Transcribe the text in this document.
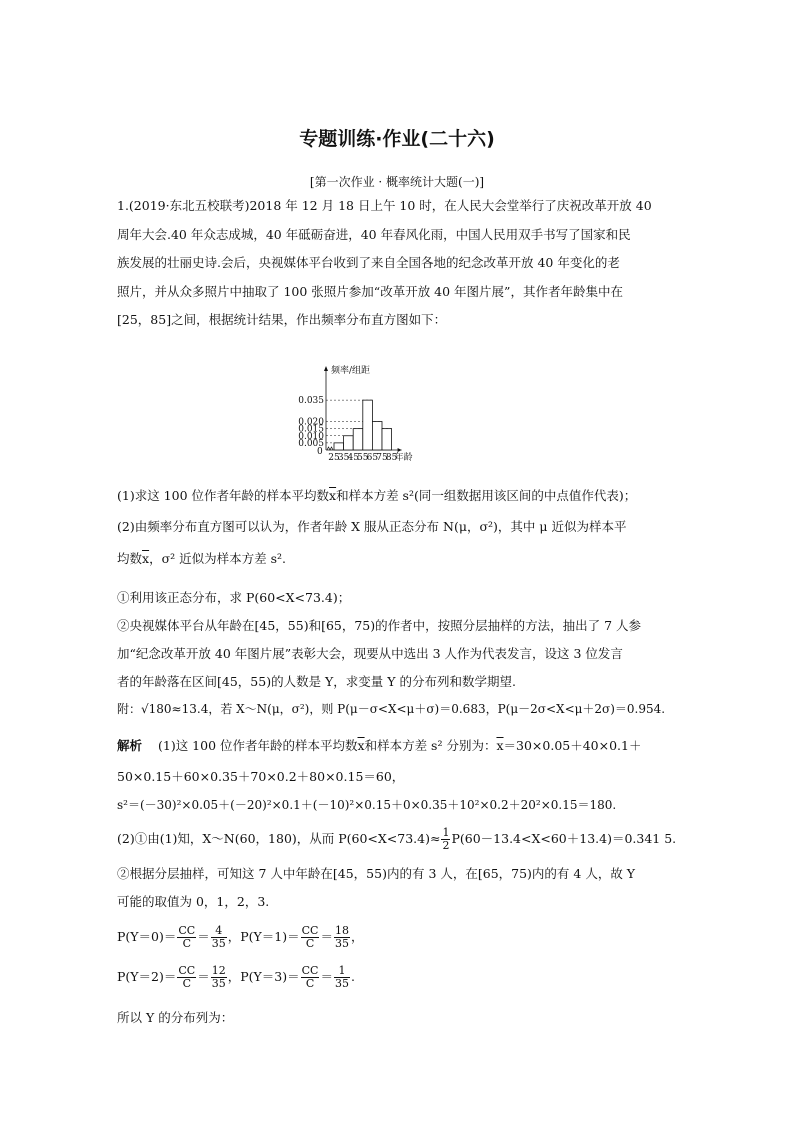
专题训练·作业(二十六)
[第一次作业 · 概率统计大题(一)]
1.(2019·东北五校联考)2018 年 12 月 18 日上午 10 时，在人民大会堂举行了庆祝改革开放 40
周年大会.40 年众志成城，40 年砥砺奋进，40 年春风化雨，中国人民用双手书写了国家和民
族发展的壮丽史诗.会后，央视媒体平台收到了来自全国各地的纪念改革开放 40 年变化的老
照片，并从众多照片中抽取了 100 张照片参加“改革开放 40 年图片展”，其作者年龄集中在
[25，85]之间，根据统计结果，作出频率分布直方图如下：
频率/组距
0
0.035
0.020
0.015
0.010
0.005
25
35
45
55
65
75
85
年龄
(1)求这 100 位作者年龄的样本平均数$\overline{x}$和样本方差 s²(同一组数据用该区间的中点值作代表)；
(2)由频率分布直方图可以认为，作者年龄 X 服从正态分布 N(μ，σ²)，其中 μ 近似为样本平
均数$\overline{x}$，σ² 近似为样本方差 s².
①利用该正态分布，求 P(60<X<73.4)；
②央视媒体平台从年龄在[45，55)和[65，75)的作者中，按照分层抽样的方法，抽出了 7 人参
加“纪念改革开放 40 年图片展”表彰大会，现要从中选出 3 人作为代表发言，设这 3 位发言
者的年龄落在区间[45，55)的人数是 Y，求变量 Y 的分布列和数学期望.
附：√180≈13.4，若 X～N(μ，σ²)，则 P(μ－σ<X<μ＋σ)＝0.683，P(μ－2σ<X<μ＋2σ)＝0.954.
解析 (1)这 100 位作者年龄的样本平均数$\overline{x}$和样本方差 s² 分别为：$\overline{x}=30\times 0.05+40\times 0.1+$
50×0.15＋60×0.35＋70×0.2＋80×0.15＝60，
s²＝(－30)²×0.05＋(－20)²×0.1＋(－10)²×0.15＋0×0.35＋10²×0.2＋20²×0.15＝180.
(2)①由(1)知，X～N(60，180)，从而 $P(60<X<73.4)\approx \frac{1}{2} P(60-13.4<X<60+13.4)=0.341$ 5.
②根据分层抽样，可知这 7 人中年龄在[45，55)内的有 3 人，在[65，75)内的有 4 人，故 Y
可能的取值为 0，1，2，3.
$P(Y=0)= \frac{CC}{C} = \frac{4}{35}$ ，$P(Y=1)= \frac{CC}{C} = \frac{18}{35}$ ，
$P(Y=2)= \frac{CC}{C} = \frac{12}{35}$ ，$P(Y=3)= \frac{CC}{C} = \frac{1}{35}$ .
所以 Y 的分布列为：
